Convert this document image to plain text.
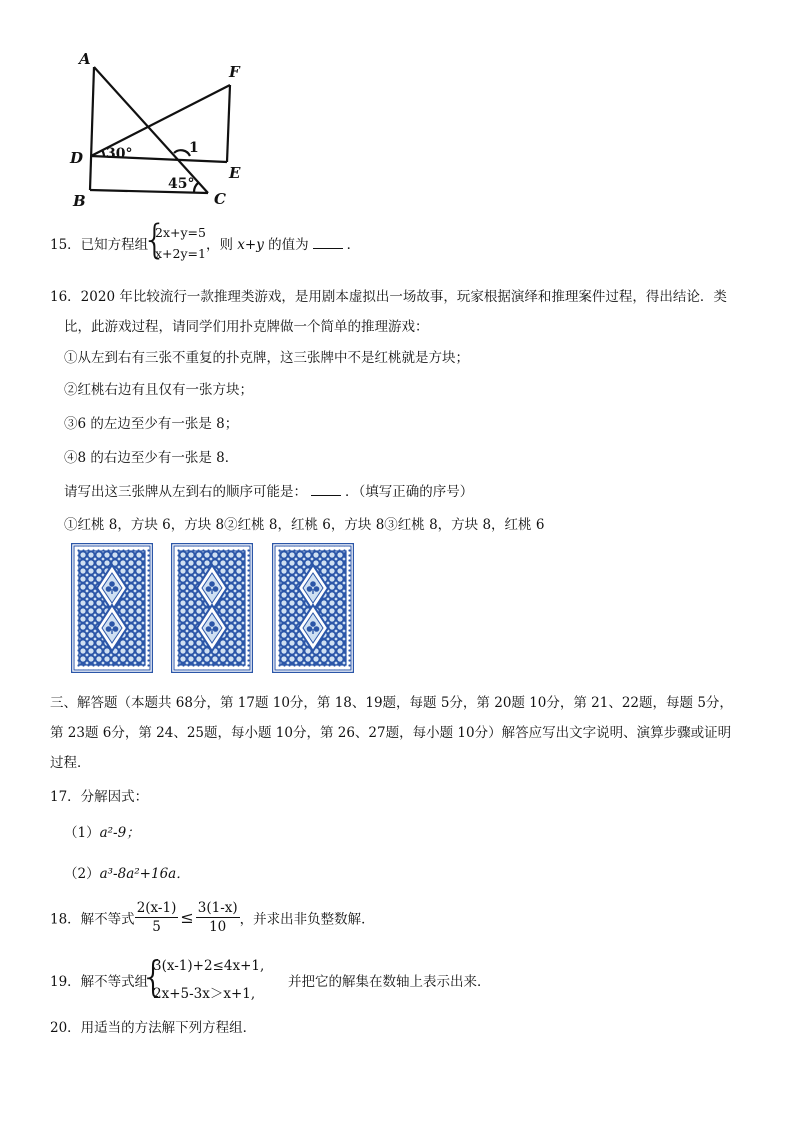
A
F
D 30°	1
E
45°
B	C
15．已知方程组
{
2x+y=5
x+2y=1
，则 x+y 的值为	．
16．2020 年比较流行一款推理类游戏，是用剧本虚拟出一场故事，玩家根据演绎和推理案件过程，得出结论．类
比，此游戏过程，请同学们用扑克牌做一个简单的推理游戏：
①从左到右有三张不重复的扑克牌，这三张牌中不是红桃就是方块；
②红桃右边有且仅有一张方块；
③6 的左边至少有一张是 8；
④8 的右边至少有一张是 8．
请写出这三张牌从左到右的顺序可能是：	．（填写正确的序号）
①红桃 8，方块 6，方块 8②红桃 8，红桃 6，方块 8③红桃 8，方块 8，红桃 6
三、解答题（本题共 68分，第 17题 10分，第 18、19题，每题 5分，第 20题 10分，第 21、22题，每题 5分，
第 23题 6分，第 24、25题，每小题 10分，第 26、27题，每小题 10分）解答应写出文字说明、演算步骤或证明
过程．
17．分解因式：
（1）a²-9；
（2）a³-8a²+16a．
18．解不等式 $\frac{2(x-1)}{5} \le \frac{3(1-x)}{10}$ ，并求出非负整数解．
19．解不等式组
{
3(x-1)+2≤4x+1,
2x+5-3x＞x+1,
并把它的解集在数轴上表示出来．
20．用适当的方法解下列方程组．
